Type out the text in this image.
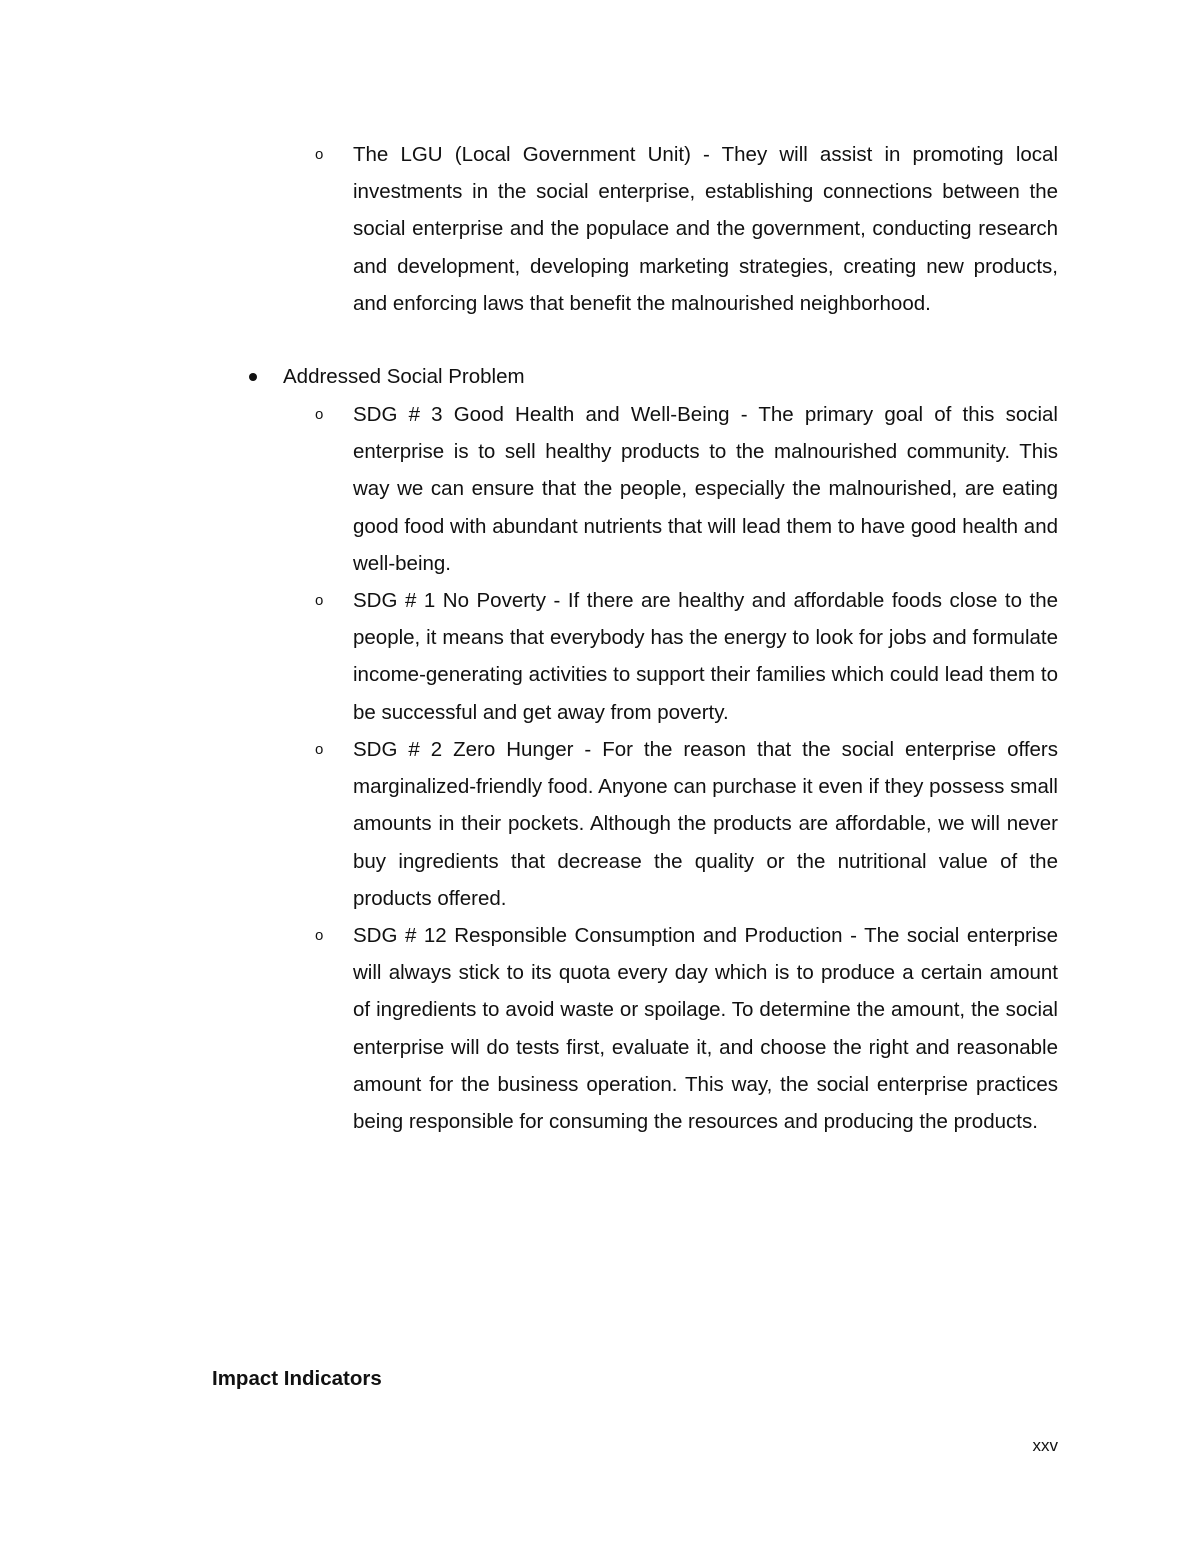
o The LGU (Local Government Unit) - They will assist in promoting local investments in the social enterprise, establishing connections between the social enterprise and the populace and the government, conducting research and development, developing marketing strategies, creating new products, and enforcing laws that benefit the malnourished neighborhood.
Addressed Social Problem
o SDG # 3 Good Health and Well-Being - The primary goal of this social enterprise is to sell healthy products to the malnourished community. This way we can ensure that the people, especially the malnourished, are eating good food with abundant nutrients that will lead them to have good health and well-being.
o SDG # 1 No Poverty - If there are healthy and affordable foods close to the people, it means that everybody has the energy to look for jobs and formulate income-generating activities to support their families which could lead them to be successful and get away from poverty.
o SDG # 2 Zero Hunger - For the reason that the social enterprise offers marginalized-friendly food. Anyone can purchase it even if they possess small amounts in their pockets. Although the products are affordable, we will never buy ingredients that decrease the quality or the nutritional value of the products offered.
o SDG # 12 Responsible Consumption and Production - The social enterprise will always stick to its quota every day which is to produce a certain amount of ingredients to avoid waste or spoilage. To determine the amount, the social enterprise will do tests first, evaluate it, and choose the right and reasonable amount for the business operation. This way, the social enterprise practices being responsible for consuming the resources and producing the products.
Impact Indicators
xxv
